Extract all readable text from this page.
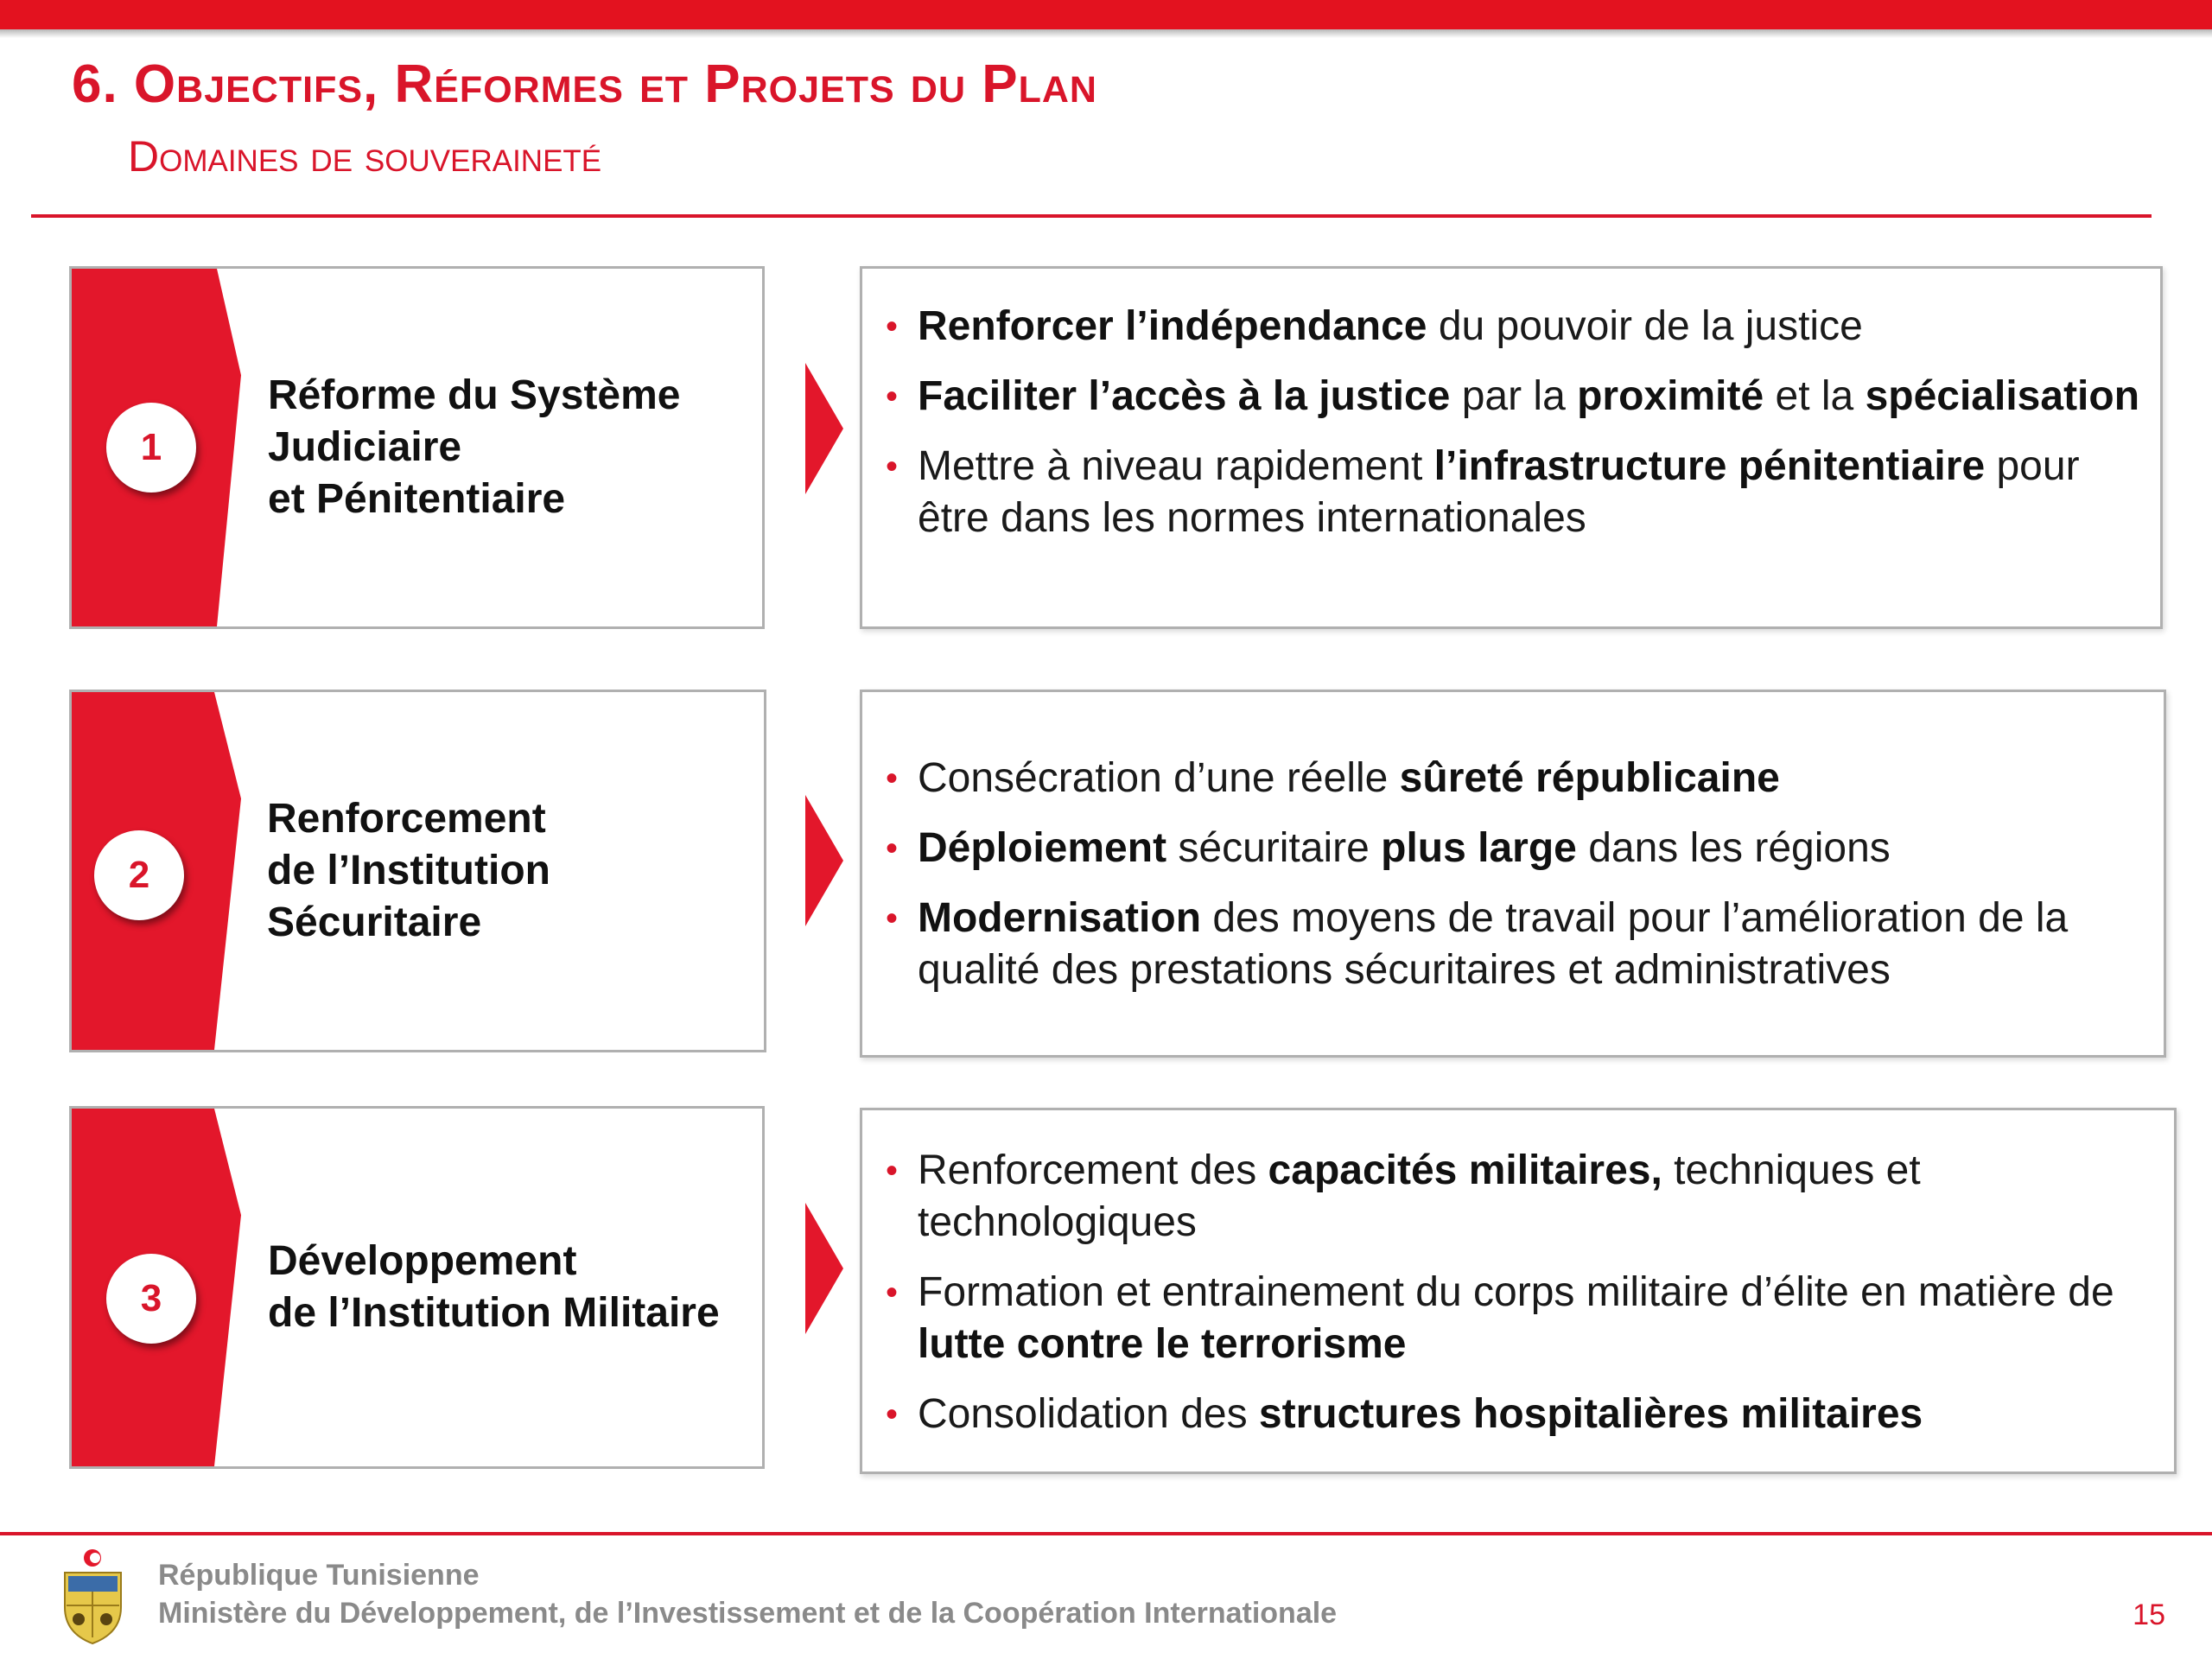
6. Objectifs, Réformes et Projets du Plan
Domaines de souveraineté
1
Réforme du Système
Judiciaire
et Pénitentiaire
• Renforcer l’indépendance du pouvoir de la justice
• Faciliter l’accès à la justice par la proximité et la spécialisation
• Mettre à niveau rapidement l’infrastructure pénitentiaire pour être dans les normes internationales
2
Renforcement
de l’Institution
Sécuritaire
• Consécration d’une réelle sûreté républicaine
• Déploiement sécuritaire plus large dans les régions
• Modernisation des moyens de travail pour l’amélioration de la qualité des prestations sécuritaires et administratives
3
Développement
de l’Institution Militaire
• Renforcement des capacités militaires, techniques et technologiques
• Formation et entrainement du corps militaire d’élite en matière de lutte contre le terrorisme
• Consolidation des structures hospitalières militaires
République Tunisienne
Ministère du Développement, de l’Investissement et de la Coopération Internationale	15
